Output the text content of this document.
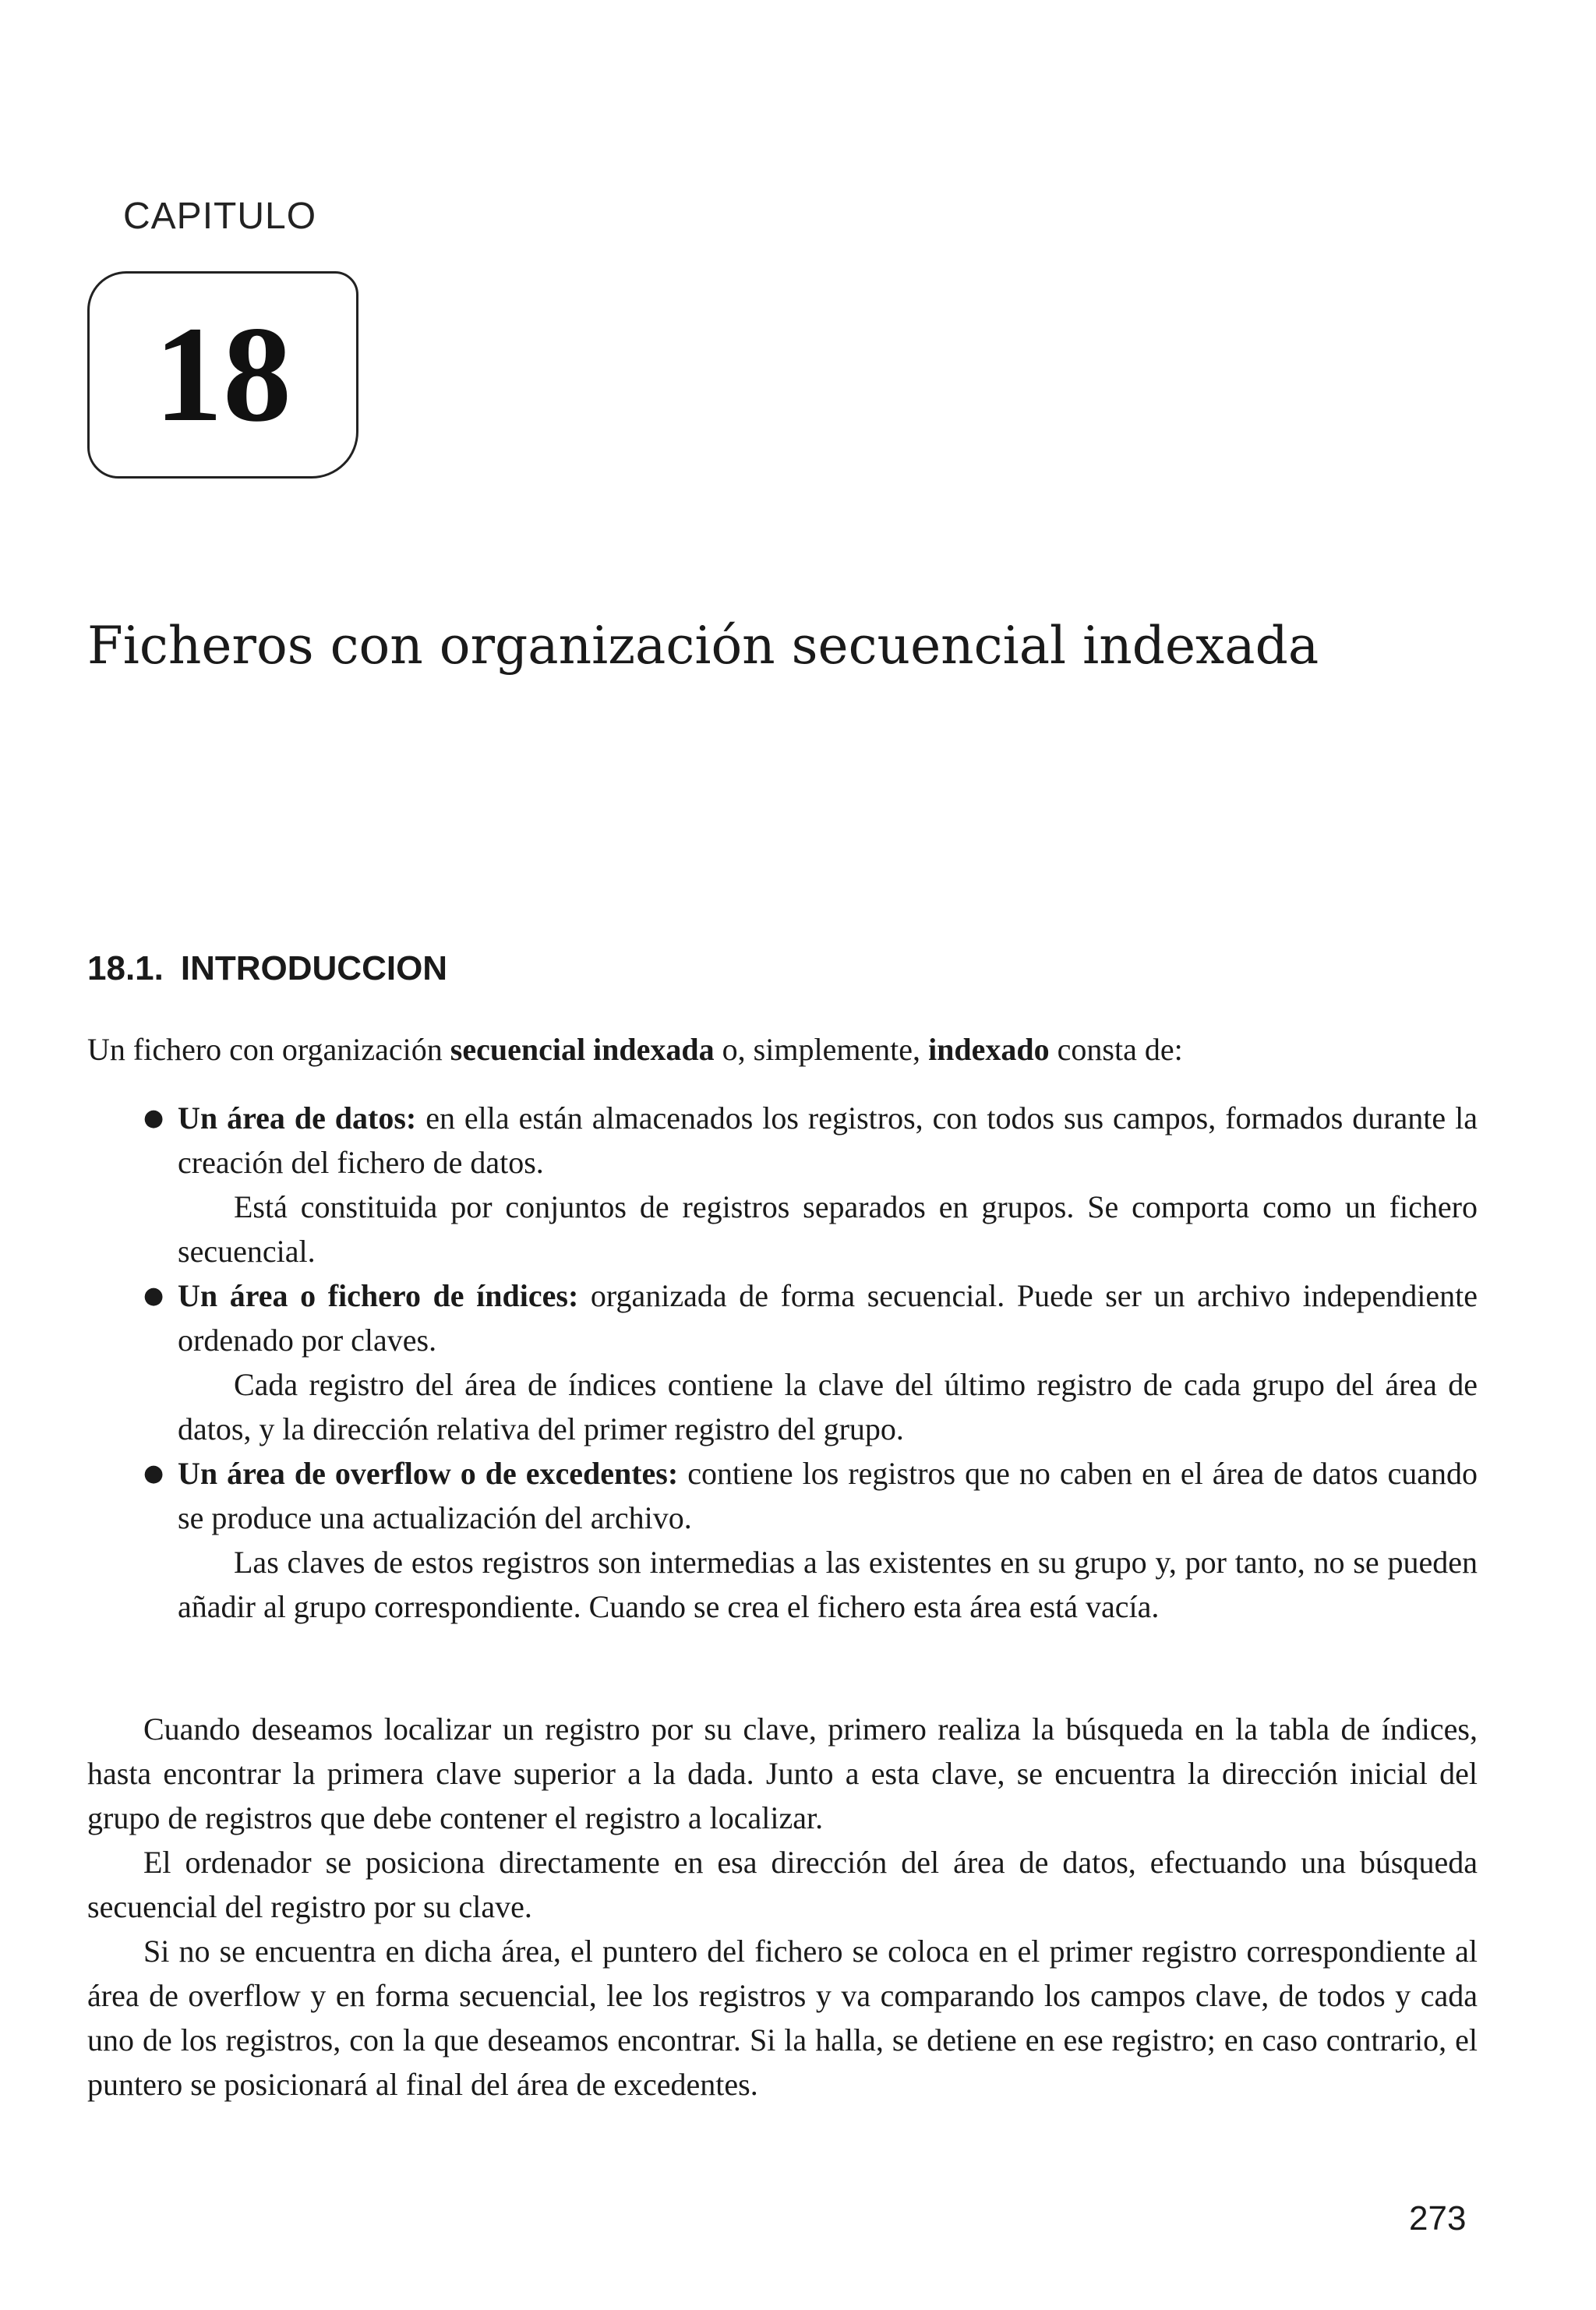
CAPITULO
18
Ficheros con organización secuencial indexada
18.1. INTRODUCCION
Un fichero con organización secuencial indexada o, simplemente, indexado consta de:
● Un área de datos: en ella están almacenados los registros, con todos sus campos, formados durante la creación del fichero de datos.

Está constituida por conjuntos de registros separados en grupos. Se comporta como un fichero secuencial.

● Un área o fichero de índices: organizada de forma secuencial. Puede ser un archivo independiente ordenado por claves.

Cada registro del área de índices contiene la clave del último registro de cada grupo del área de datos, y la dirección relativa del primer registro del grupo.

● Un área de overflow o de excedentes: contiene los registros que no caben en el área de datos cuando se produce una actualización del archivo.

Las claves de estos registros son intermedias a las existentes en su grupo y, por tanto, no se pueden añadir al grupo correspondiente. Cuando se crea el fichero esta área está vacía.

Cuando deseamos localizar un registro por su clave, primero realiza la búsqueda en la tabla de índices, hasta encontrar la primera clave superior a la dada. Junto a esta clave, se encuentra la dirección inicial del grupo de registros que debe contener el registro a localizar.

El ordenador se posiciona directamente en esa dirección del área de datos, efectuando una búsqueda secuencial del registro por su clave.

Si no se encuentra en dicha área, el puntero del fichero se coloca en el primer registro correspondiente al área de overflow y en forma secuencial, lee los registros y va comparando los campos clave, de todos y cada uno de los registros, con la que deseamos encontrar. Si la halla, se detiene en ese registro; en caso contrario, el puntero se posicionará al final del área de excedentes.

273
